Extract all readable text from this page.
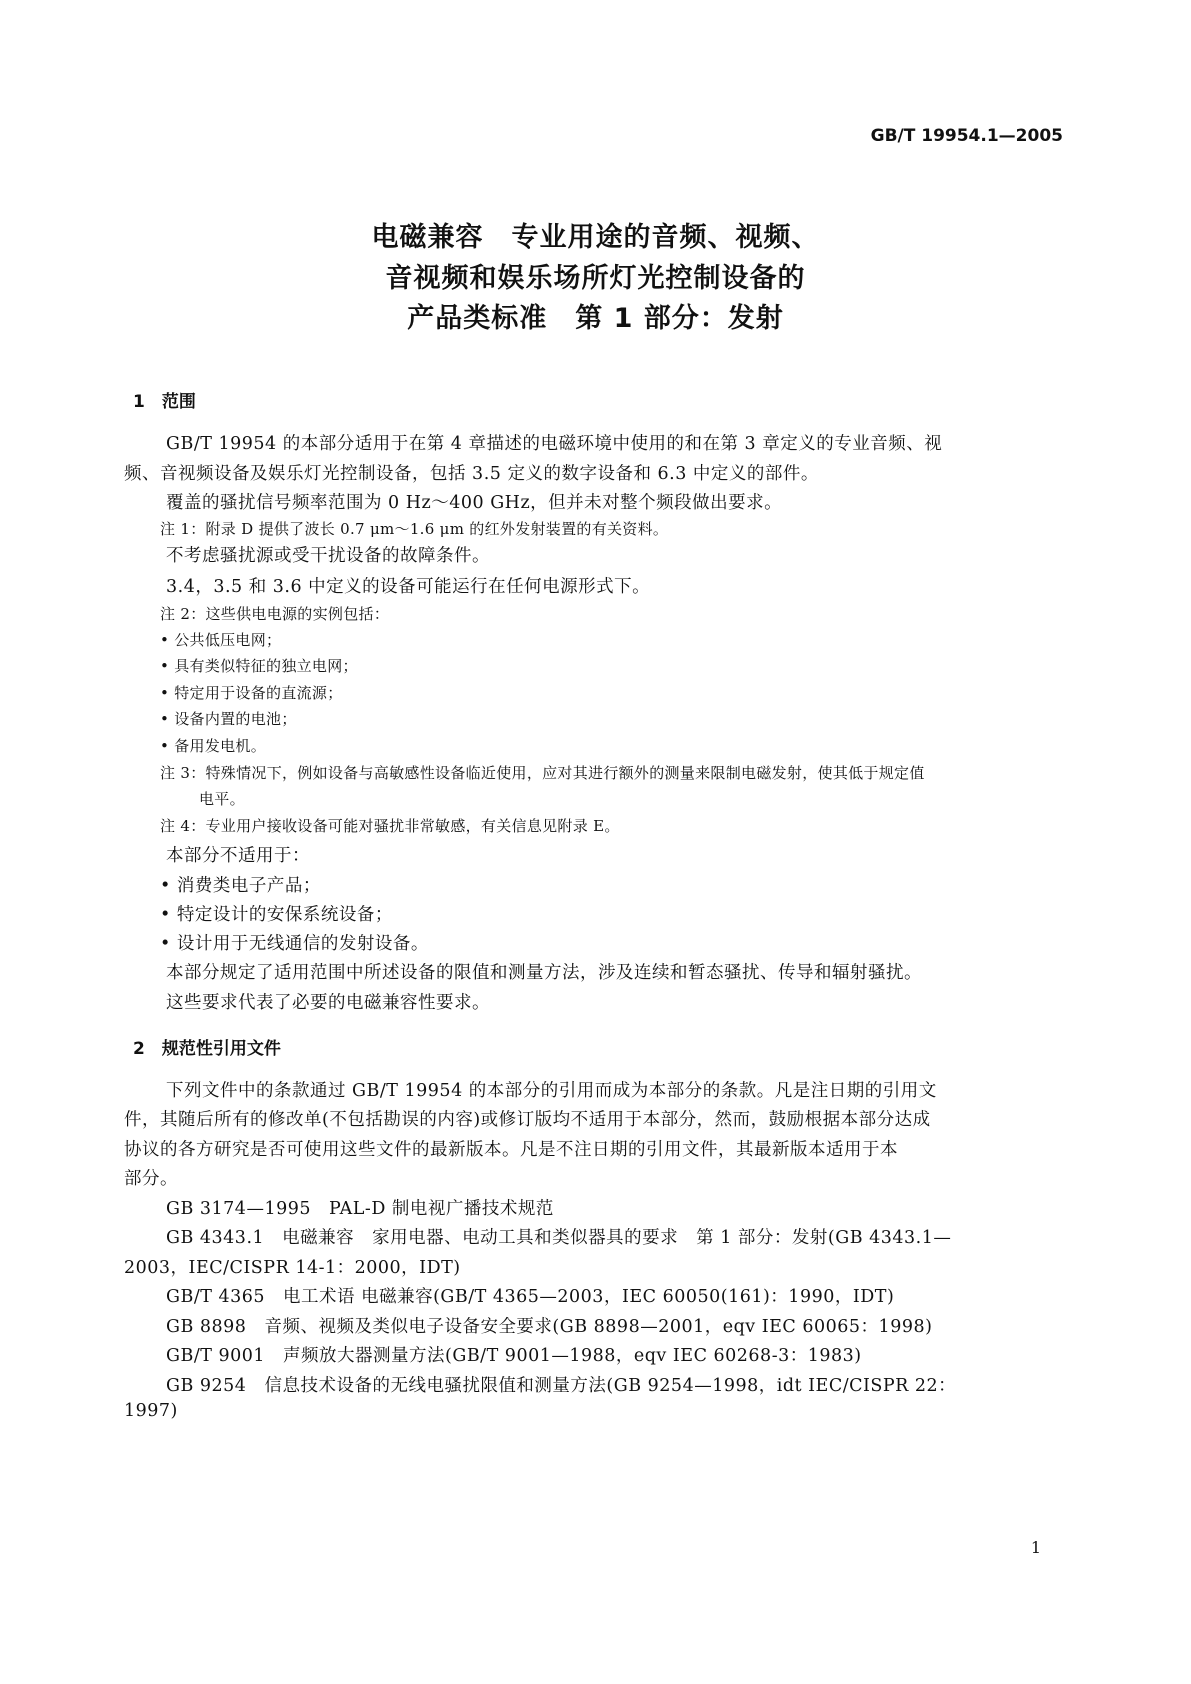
GB/T 19954.1—2005
电磁兼容　专业用途的音频、视频、
音视频和娱乐场所灯光控制设备的
产品类标准　第 1 部分：发射
1　范围
GB/T 19954 的本部分适用于在第 4 章描述的电磁环境中使用的和在第 3 章定义的专业音频、视
频、音视频设备及娱乐灯光控制设备，包括 3.5 定义的数字设备和 6.3 中定义的部件。
覆盖的骚扰信号频率范围为 0 Hz～400 GHz，但并未对整个频段做出要求。
注 1：附录 D 提供了波长 0.7 μm～1.6 μm 的红外发射装置的有关资料。
不考虑骚扰源或受干扰设备的故障条件。
3.4，3.5 和 3.6 中定义的设备可能运行在任何电源形式下。
注 2：这些供电电源的实例包括：
• 公共低压电网；
• 具有类似特征的独立电网；
• 特定用于设备的直流源；
• 设备内置的电池；
• 备用发电机。
注 3：特殊情况下，例如设备与高敏感性设备临近使用，应对其进行额外的测量来限制电磁发射，使其低于规定值
电平。
注 4：专业用户接收设备可能对骚扰非常敏感，有关信息见附录 E。
本部分不适用于：
• 消费类电子产品；
• 特定设计的安保系统设备；
• 设计用于无线通信的发射设备。
本部分规定了适用范围中所述设备的限值和测量方法，涉及连续和暂态骚扰、传导和辐射骚扰。
这些要求代表了必要的电磁兼容性要求。
2　规范性引用文件
下列文件中的条款通过 GB/T 19954 的本部分的引用而成为本部分的条款。凡是注日期的引用文
件，其随后所有的修改单(不包括勘误的内容)或修订版均不适用于本部分，然而，鼓励根据本部分达成
协议的各方研究是否可使用这些文件的最新版本。凡是不注日期的引用文件，其最新版本适用于本
部分。
GB 3174—1995　PAL-D 制电视广播技术规范
GB 4343.1　电磁兼容　家用电器、电动工具和类似器具的要求　第 1 部分：发射(GB 4343.1—
2003，IEC/CISPR 14-1：2000，IDT)
GB/T 4365　电工术语 电磁兼容(GB/T 4365—2003，IEC 60050(161)：1990，IDT)
GB 8898　音频、视频及类似电子设备安全要求(GB 8898—2001，eqv IEC 60065：1998)
GB/T 9001　声频放大器测量方法(GB/T 9001—1988，eqv IEC 60268-3：1983)
GB 9254　信息技术设备的无线电骚扰限值和测量方法(GB 9254—1998，idt IEC/CISPR 22：
1997)
1
